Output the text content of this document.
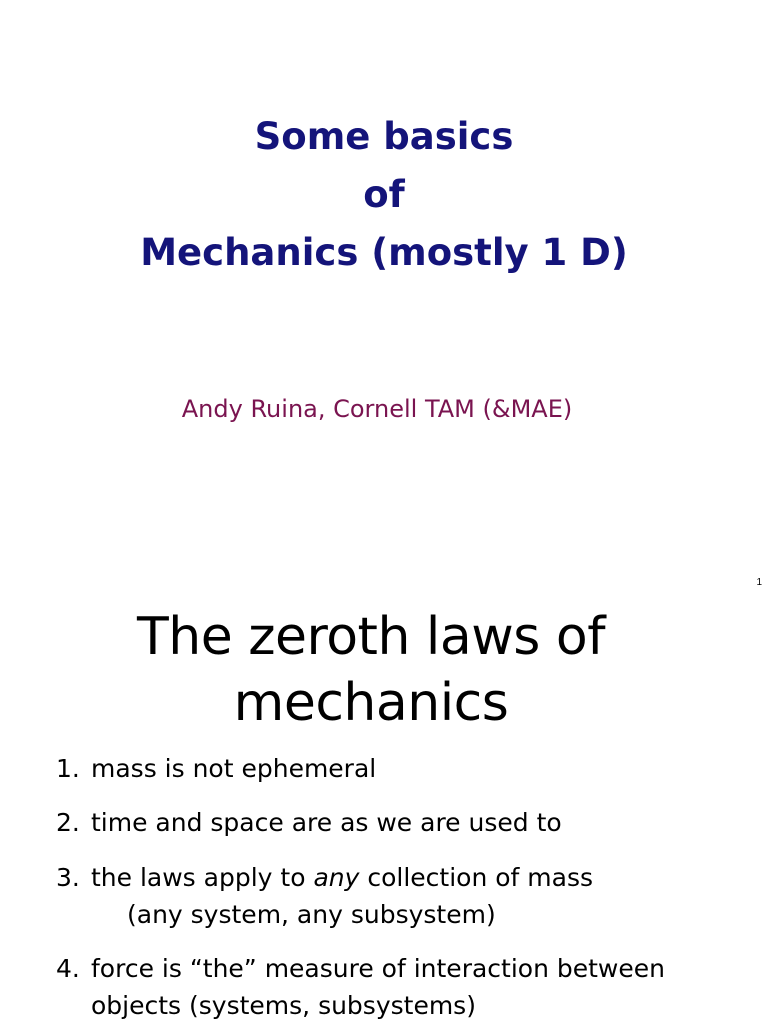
Some basics
of
Mechanics (mostly 1 D)

Andy Ruina, Cornell TAM (&MAE)

1
The zeroth laws of
mechanics
1. mass is not ephemeral
2. time and space are as we are used to
3. the laws apply to any collection of mass
(any system, any subsystem)
4. force is “the” measure of interaction between
objects (systems, subsystems)
